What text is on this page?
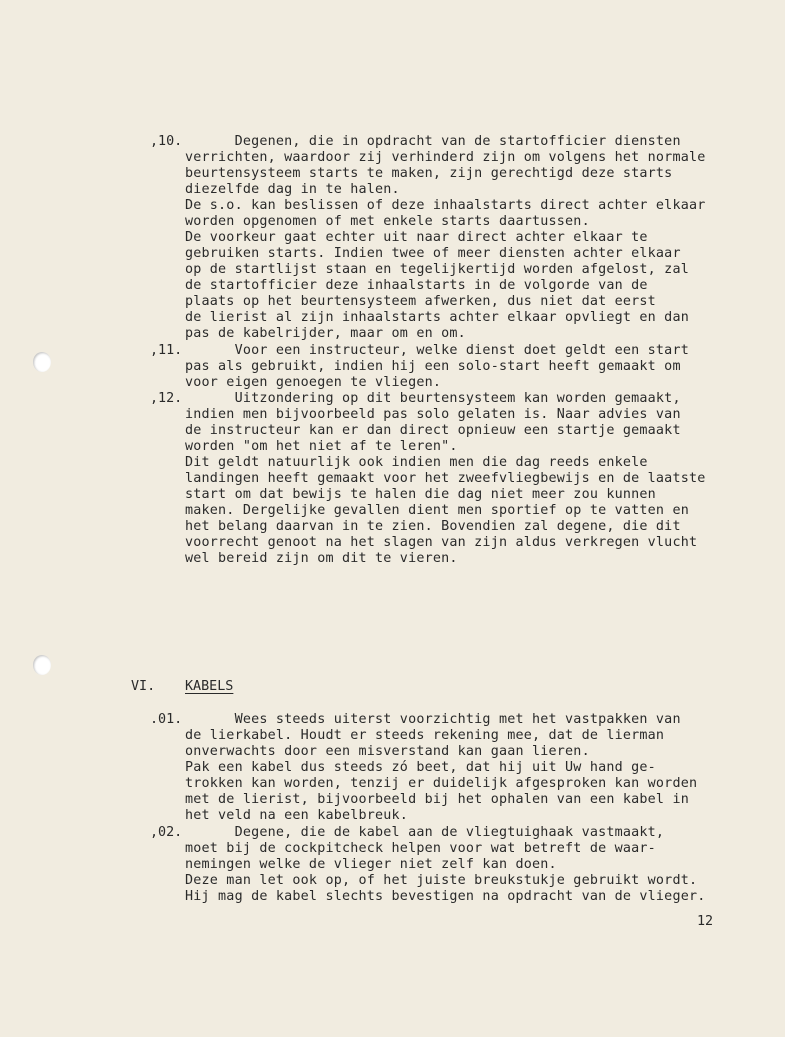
,10. Degenen, die in opdracht van de startofficier diensten
verrichten, waardoor zij verhinderd zijn om volgens het normale
beurtensysteem starts te maken, zijn gerechtigd deze starts
diezelfde dag in te halen.
De s.o. kan beslissen of deze inhaalstarts direct achter elkaar
worden opgenomen of met enkele starts daartussen.
De voorkeur gaat echter uit naar direct achter elkaar te
gebruiken starts. Indien twee of meer diensten achter elkaar
op de startlijst staan en tegelijkertijd worden afgelost, zal
de startofficier deze inhaalstarts in de volgorde van de
plaats op het beurtensysteem afwerken, dus niet dat eerst
de lierist al zijn inhaalstarts achter elkaar opvliegt en dan
pas de kabelrijder, maar om en om.
,11. Voor een instructeur, welke dienst doet geldt een start
pas als gebruikt, indien hij een solo-start heeft gemaakt om
voor eigen genoegen te vliegen.
,12. Uitzondering op dit beurtensysteem kan worden gemaakt,
indien men bijvoorbeeld pas solo gelaten is. Naar advies van
de instructeur kan er dan direct opnieuw een startje gemaakt
worden "om het niet af te leren".
Dit geldt natuurlijk ook indien men die dag reeds enkele
landingen heeft gemaakt voor het zweefvliegbewijs en de laatste
start om dat bewijs te halen die dag niet meer zou kunnen
maken. Dergelijke gevallen dient men sportief op te vatten en
het belang daarvan in te zien. Bovendien zal degene, die dit
voorrecht genoot na het slagen van zijn aldus verkregen vlucht
wel bereid zijn om dit te vieren.
VI. KABELS
.01. Wees steeds uiterst voorzichtig met het vastpakken van
de lierkabel. Houdt er steeds rekening mee, dat de lierman
onverwachts door een misverstand kan gaan lieren.
Pak een kabel dus steeds zó beet, dat hij uit Uw hand ge-
trokken kan worden, tenzij er duidelijk afgesproken kan worden
met de lierist, bijvoorbeeld bij het ophalen van een kabel in
het veld na een kabelbreuk.
,02. Degene, die de kabel aan de vliegtuighaak vastmaakt,
moet bij de cockpitcheck helpen voor wat betreft de waar-
nemingen welke de vlieger niet zelf kan doen.
Deze man let ook op, of het juiste breukstukje gebruikt wordt.
Hij mag de kabel slechts bevestigen na opdracht van de vlieger.
12
